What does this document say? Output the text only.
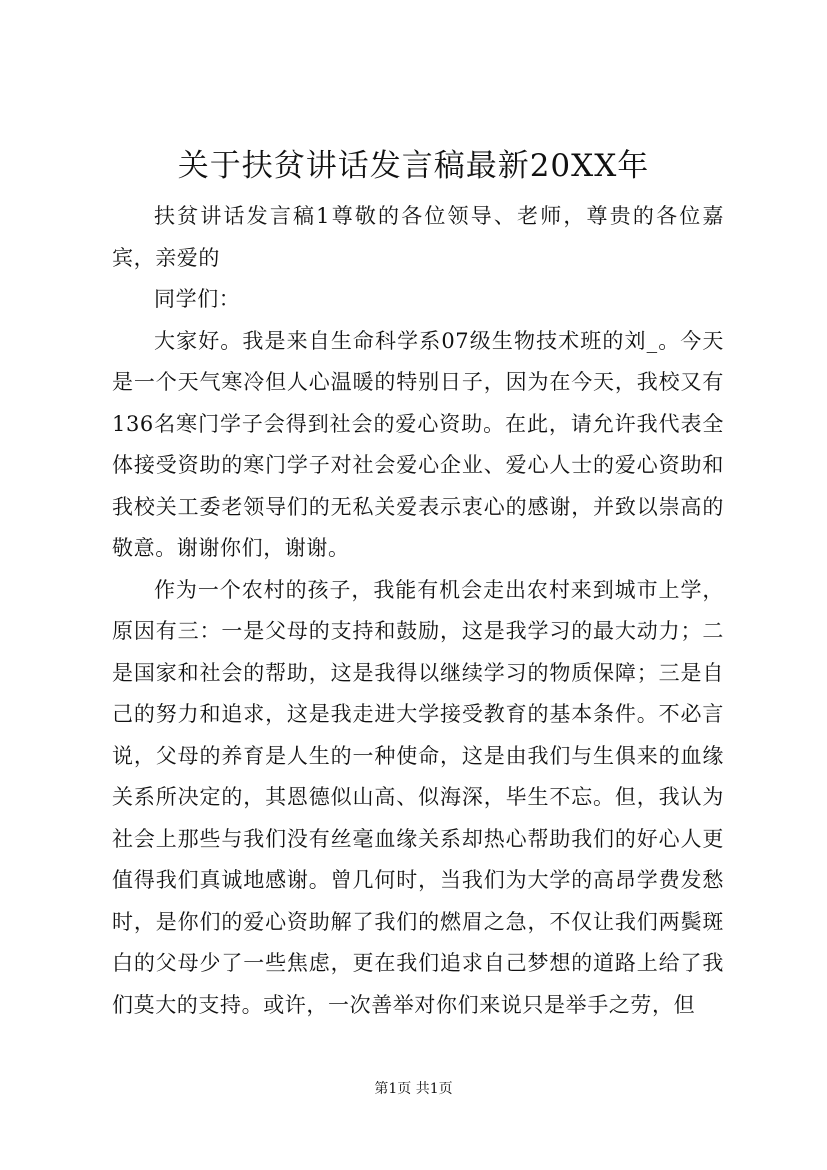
关于扶贫讲话发言稿最新20XX年

扶贫讲话发言稿1尊敬的各位领导、老师，尊贵的各位嘉宾，亲爱的

同学们：

大家好。我是来自生命科学系07级生物技术班的刘_。今天是一个天气寒冷但人心温暖的特别日子，因为在今天，我校又有136名寒门学子会得到社会的爱心资助。在此，请允许我代表全体接受资助的寒门学子对社会爱心企业、爱心人士的爱心资助和我校关工委老领导们的无私关爱表示衷心的感谢，并致以崇高的敬意。谢谢你们，谢谢。

作为一个农村的孩子，我能有机会走出农村来到城市上学，原因有三：一是父母的支持和鼓励，这是我学习的最大动力；二是国家和社会的帮助，这是我得以继续学习的物质保障；三是自己的努力和追求，这是我走进大学接受教育的基本条件。不必言说，父母的养育是人生的一种使命，这是由我们与生俱来的血缘关系所决定的，其恩德似山高、似海深，毕生不忘。但，我认为社会上那些与我们没有丝毫血缘关系却热心帮助我们的好心人更值得我们真诚地感谢。曾几何时，当我们为大学的高昂学费发愁时，是你们的爱心资助解了我们的燃眉之急，不仅让我们两鬓斑白的父母少了一些焦虑，更在我们追求自己梦想的道路上给了我们莫大的支持。或许，一次善举对你们来说只是举手之劳，但

第1页 共1页
